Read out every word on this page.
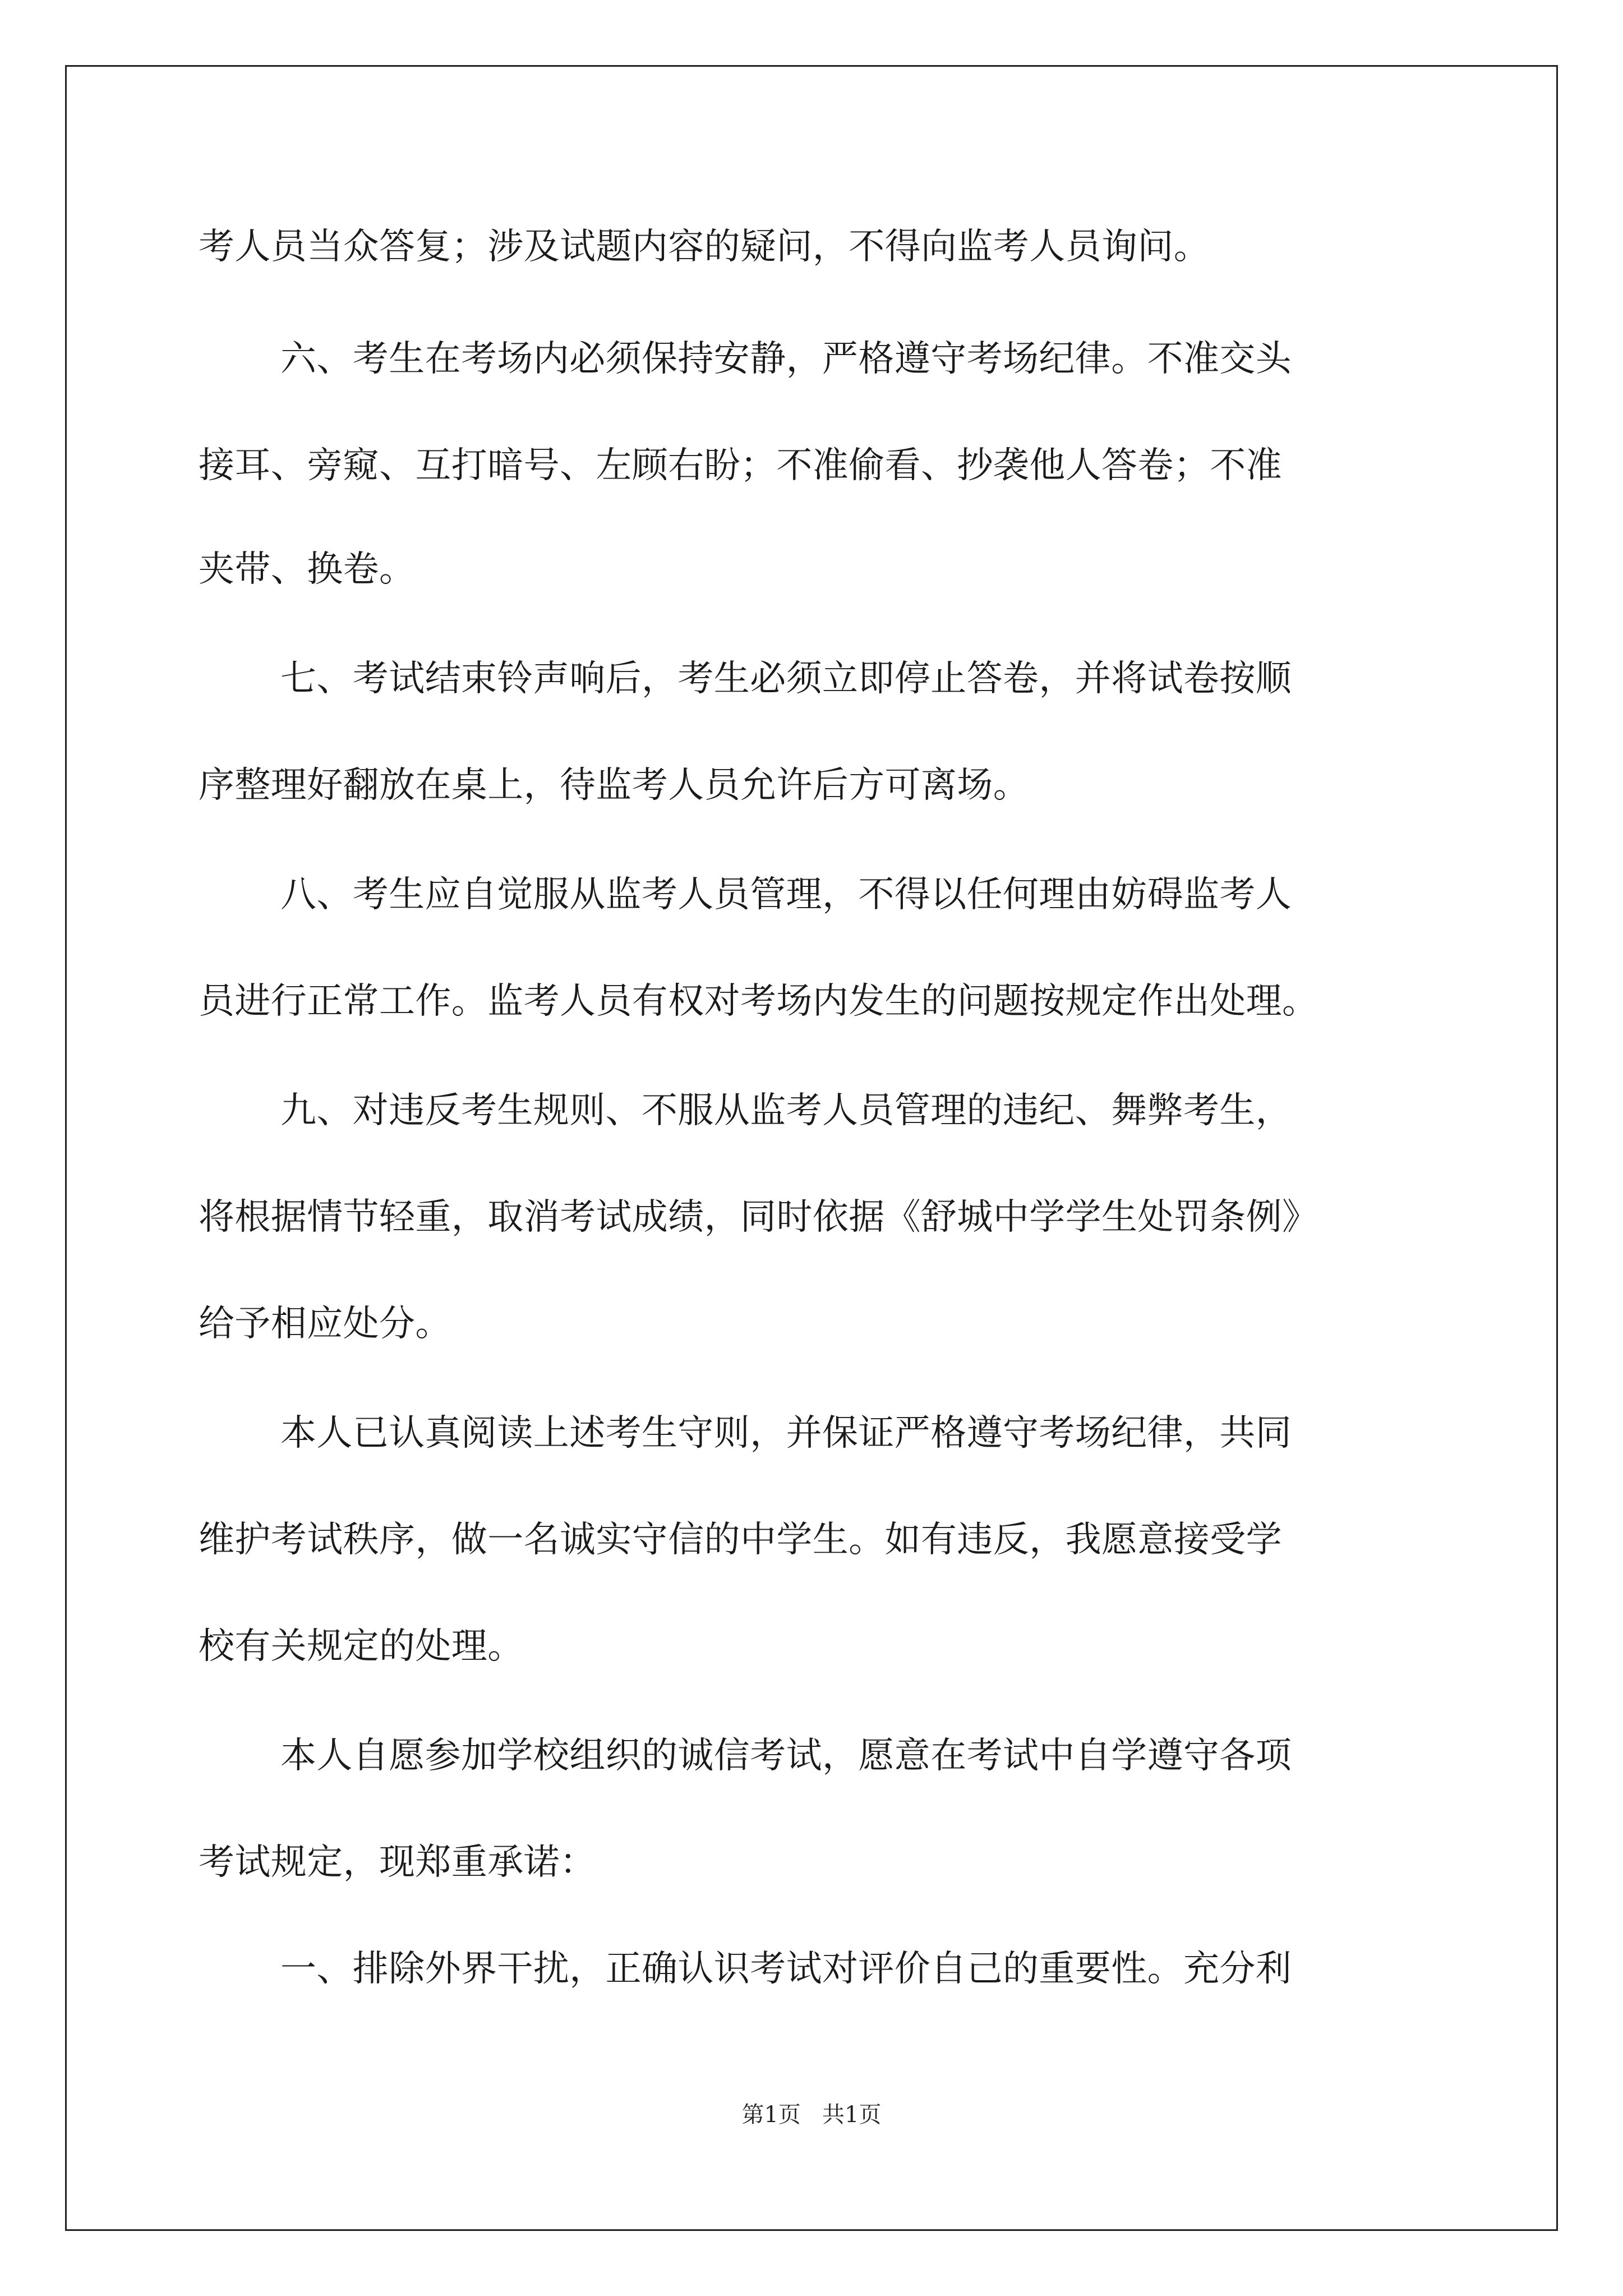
考人员当众答复；涉及试题内容的疑问，不得向监考人员询问。
六、考生在考场内必须保持安静，严格遵守考场纪律。不准交头
接耳、旁窥、互打暗号、左顾右盼；不准偷看、抄袭他人答卷；不准
夹带、换卷。
七、考试结束铃声响后，考生必须立即停止答卷，并将试卷按顺
序整理好翻放在桌上，待监考人员允许后方可离场。
八、考生应自觉服从监考人员管理，不得以任何理由妨碍监考人
员进行正常工作。监考人员有权对考场内发生的问题按规定作出处理。
九、对违反考生规则、不服从监考人员管理的违纪、舞弊考生，
将根据情节轻重，取消考试成绩，同时依据《舒城中学学生处罚条例》
给予相应处分。
本人已认真阅读上述考生守则，并保证严格遵守考场纪律，共同
维护考试秩序，做一名诚实守信的中学生。如有违反，我愿意接受学
校有关规定的处理。
本人自愿参加学校组织的诚信考试，愿意在考试中自学遵守各项
考试规定，现郑重承诺：
一、排除外界干扰，正确认识考试对评价自己的重要性。充分利
第1页   共1页
